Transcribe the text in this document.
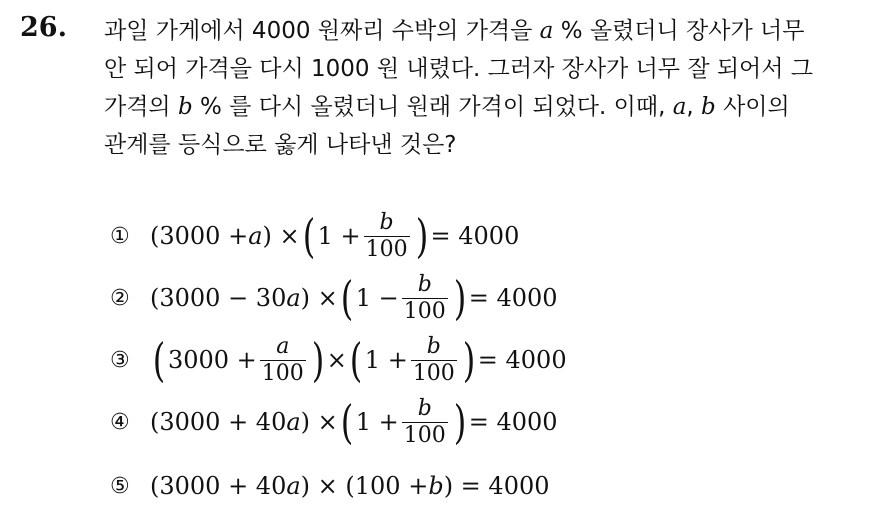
26. 과일 가게에서 4000 원짜리 수박의 가격을 a % 올렸더니 장사가 너무
안 되어 가격을 다시 1000 원 내렸다. 그러자 장사가 너무 잘 되어서 그
가격의 b % 를 다시 올렸더니 원래 가격이 되었다. 이때, a, b 사이의
관계를 등식으로 옳게 나타낸 것은?
① (3000 + a ) × ( $1 + \frac{b}{100}$ ) = 4000
② (3000 − 30 a ) × ( $1 - \frac{b}{100}$ ) = 4000
③ ( $3000 + \frac{a}{100}$ ) × ( $1 + \frac{b}{100}$ ) = 4000
④ (3000 + 40 a ) × ( $1 + \frac{b}{100}$ ) = 4000
⑤ (3000 + 40 a ) × (100 + b ) = 4000
